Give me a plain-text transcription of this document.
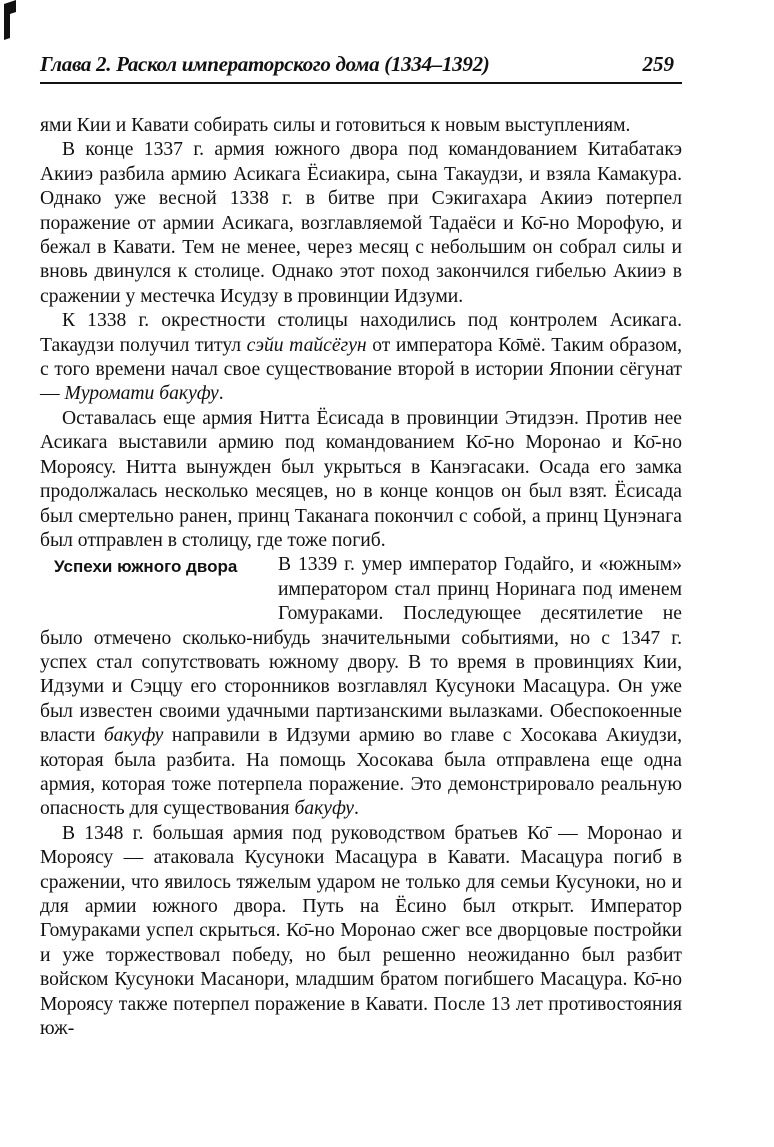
Глава 2. Раскол императорского дома (1334–1392)	259

ями Кии и Кавати собирать силы и готовиться к новым выступлениям.

В конце 1337 г. армия южного двора под командованием Китабатакэ Акииэ разбила армию Асикага Ёсиакира, сына Такаудзи, и взяла Камакура. Однако уже весной 1338 г. в битве при Сэкигахара Акииэ потерпел поражение от армии Асикага, возглавляемой Тадаёси и Ко̄-но Морофую, и бежал в Кавати. Тем не менее, через месяц с небольшим он собрал силы и вновь двинулся к столице. Однако этот поход закончился гибелью Акииэ в сражении у местечка Исудзу в провинции Идзуми.

К 1338 г. окрестности столицы находились под контролем Асикага. Такаудзи получил титул сэйи тайсёгун от императора Ко̄мё. Таким образом, с того времени начал свое существование второй в истории Японии сёгунат — Муромати бакуфу.

Оставалась еще армия Нитта Ёсисада в провинции Этидзэн. Против нее Асикага выставили армию под командованием Ко̄-но Моронао и Ко̄-но Мороясу. Нитта вынужден был укрыться в Канэгасаки. Осада его замка продолжалась несколько месяцев, но в конце концов он был взят. Ёсисада был смертельно ранен, принц Таканага покончил с собой, а принц Цунэнага был отправлен в столицу, где тоже погиб.

Успехи южного двора	В 1339 г. умер император Годайго, и «южным» императором стал принц Норинага под именем Гомураками. Последующее десятилетие не было отмечено сколько-нибудь значительными событиями, но с 1347 г. успех стал сопутствовать южному двору. В то время в провинциях Кии, Идзуми и Сэццу его сторонников возглавлял Кусуноки Масацура. Он уже был известен своими удачными партизанскими вылазками. Обеспокоенные власти бакуфу направили в Идзуми армию во главе с Хосокава Акиудзи, которая была разбита. На помощь Хосокава была отправлена еще одна армия, которая тоже потерпела поражение. Это демонстрировало реальную опасность для существования бакуфу.

В 1348 г. большая армия под руководством братьев Ко̄ — Моронао и Мороясу — атаковала Кусуноки Масацура в Кавати. Масацура погиб в сражении, что явилось тяжелым ударом не только для семьи Кусуноки, но и для армии южного двора. Путь на Ёсино был открыт. Император Гомураками успел скрыться. Ко̄-но Моронао сжег все дворцовые постройки и уже торжествовал победу, но был решенно неожиданно был разбит войском Кусуноки Масанори, младшим братом погибшего Масацура. Ко̄-но Мороясу также потерпел поражение в Кавати. После 13 лет противостояния юж-
